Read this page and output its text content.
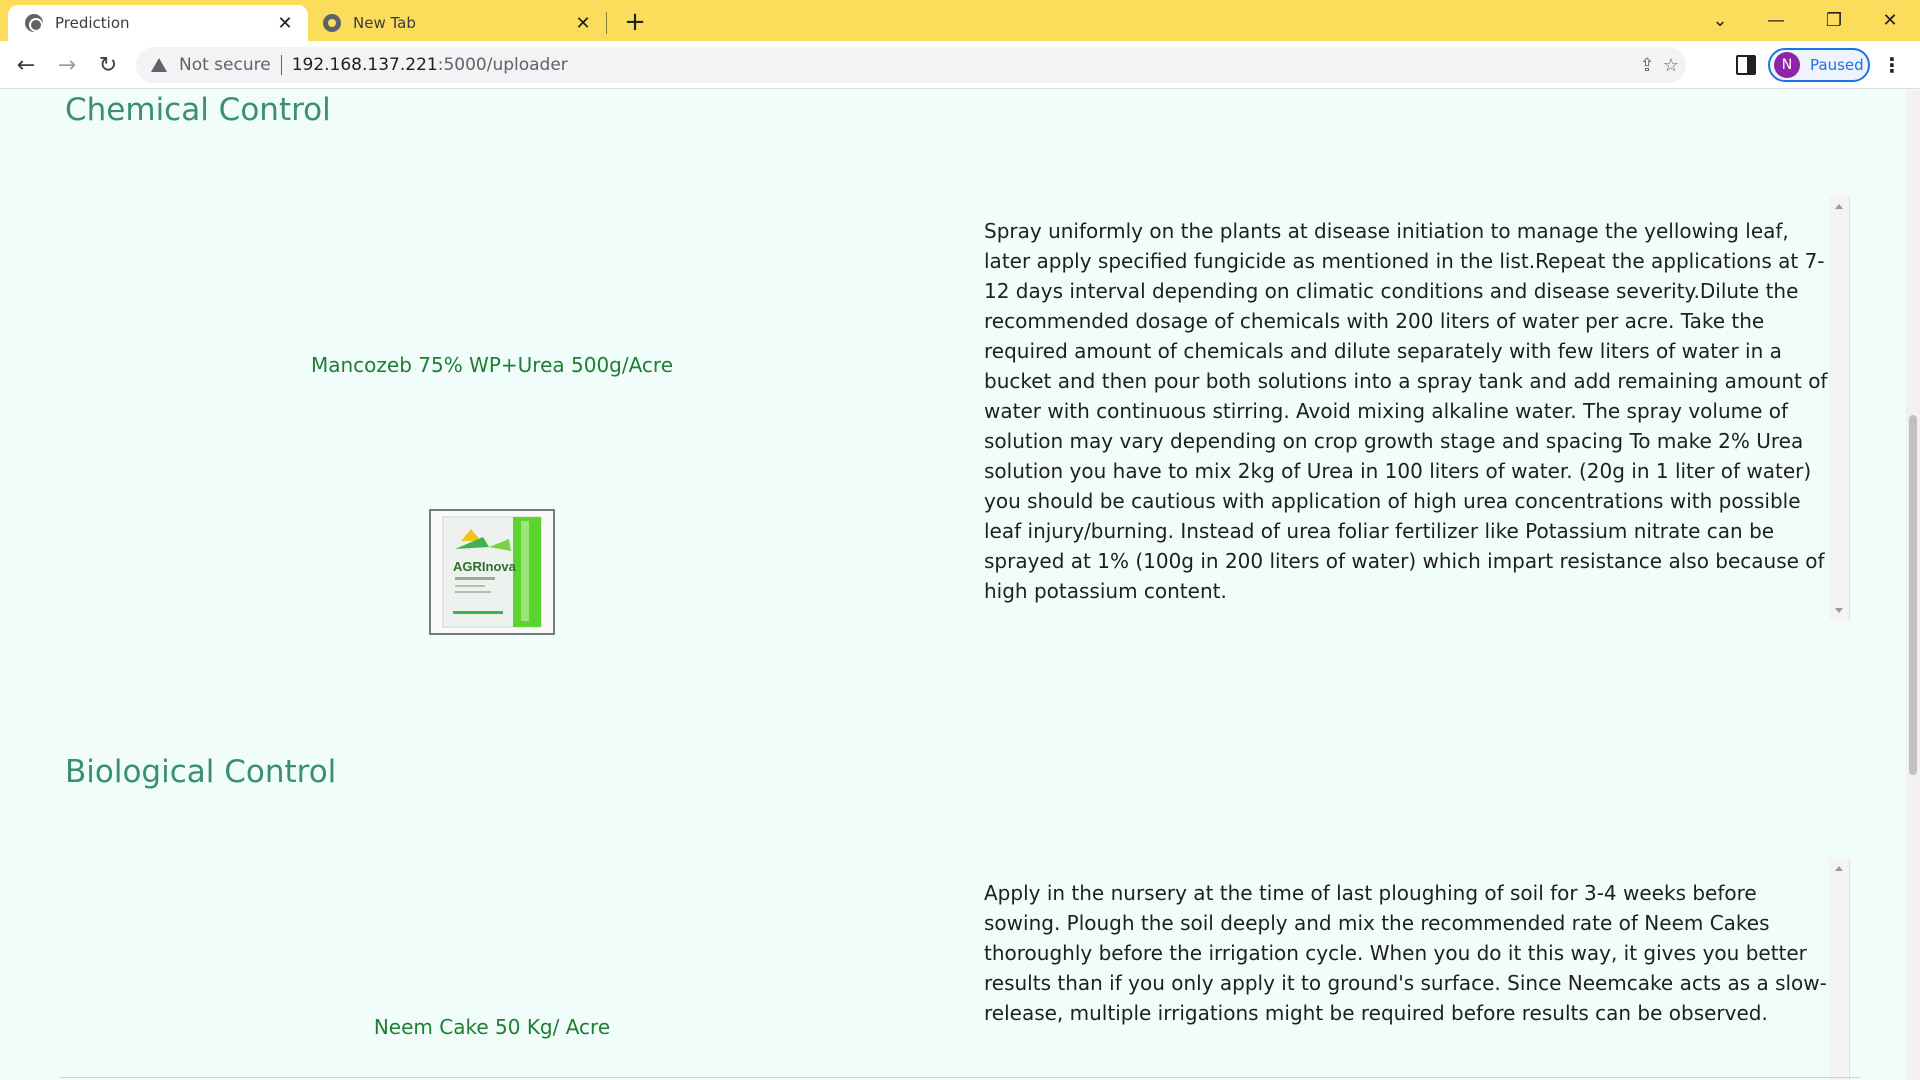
Prediction	✕	New Tab	✕ +	⌄	—	❐	✕
←	→	↻	Not secure 192.168.137.221 :5000/uploader	⇪ ☆	N	Paused ⋮
Chemical Control
Mancozeb 75% WP+Urea 500g/Acre
AGRInova

Spray uniformly on the plants at disease initiation to manage the yellowing leaf, later apply specified fungicide as mentioned in the list.Repeat the applications at 7-12 days interval depending on climatic conditions and disease severity.Dilute the recommended dosage of chemicals with 200 liters of water per acre. Take the required amount of chemicals and dilute separately with few liters of water in a bucket and then pour both solutions into a spray tank and add remaining amount of water with continuous stirring. Avoid mixing alkaline water. The spray volume of solution may vary depending on crop growth stage and spacing To make 2% Urea solution you have to mix 2kg of Urea in 100 liters of water. (20g in 1 liter of water) you should be cautious with application of high urea concentrations with possible leaf injury/burning. Instead of urea foliar fertilizer like Potassium nitrate can be sprayed at 1% (100g in 200 liters of water) which impart resistance also because of high potassium content.

Biological Control
Neem Cake 50 Kg/ Acre

Apply in the nursery at the time of last ploughing of soil for 3-4 weeks before sowing. Plough the soil deeply and mix the recommended rate of Neem Cakes thoroughly before the irrigation cycle. When you do it this way, it gives you better results than if you only apply it to ground's surface. Since Neemcake acts as a slow-release, multiple irrigations might be required before results can be observed.
